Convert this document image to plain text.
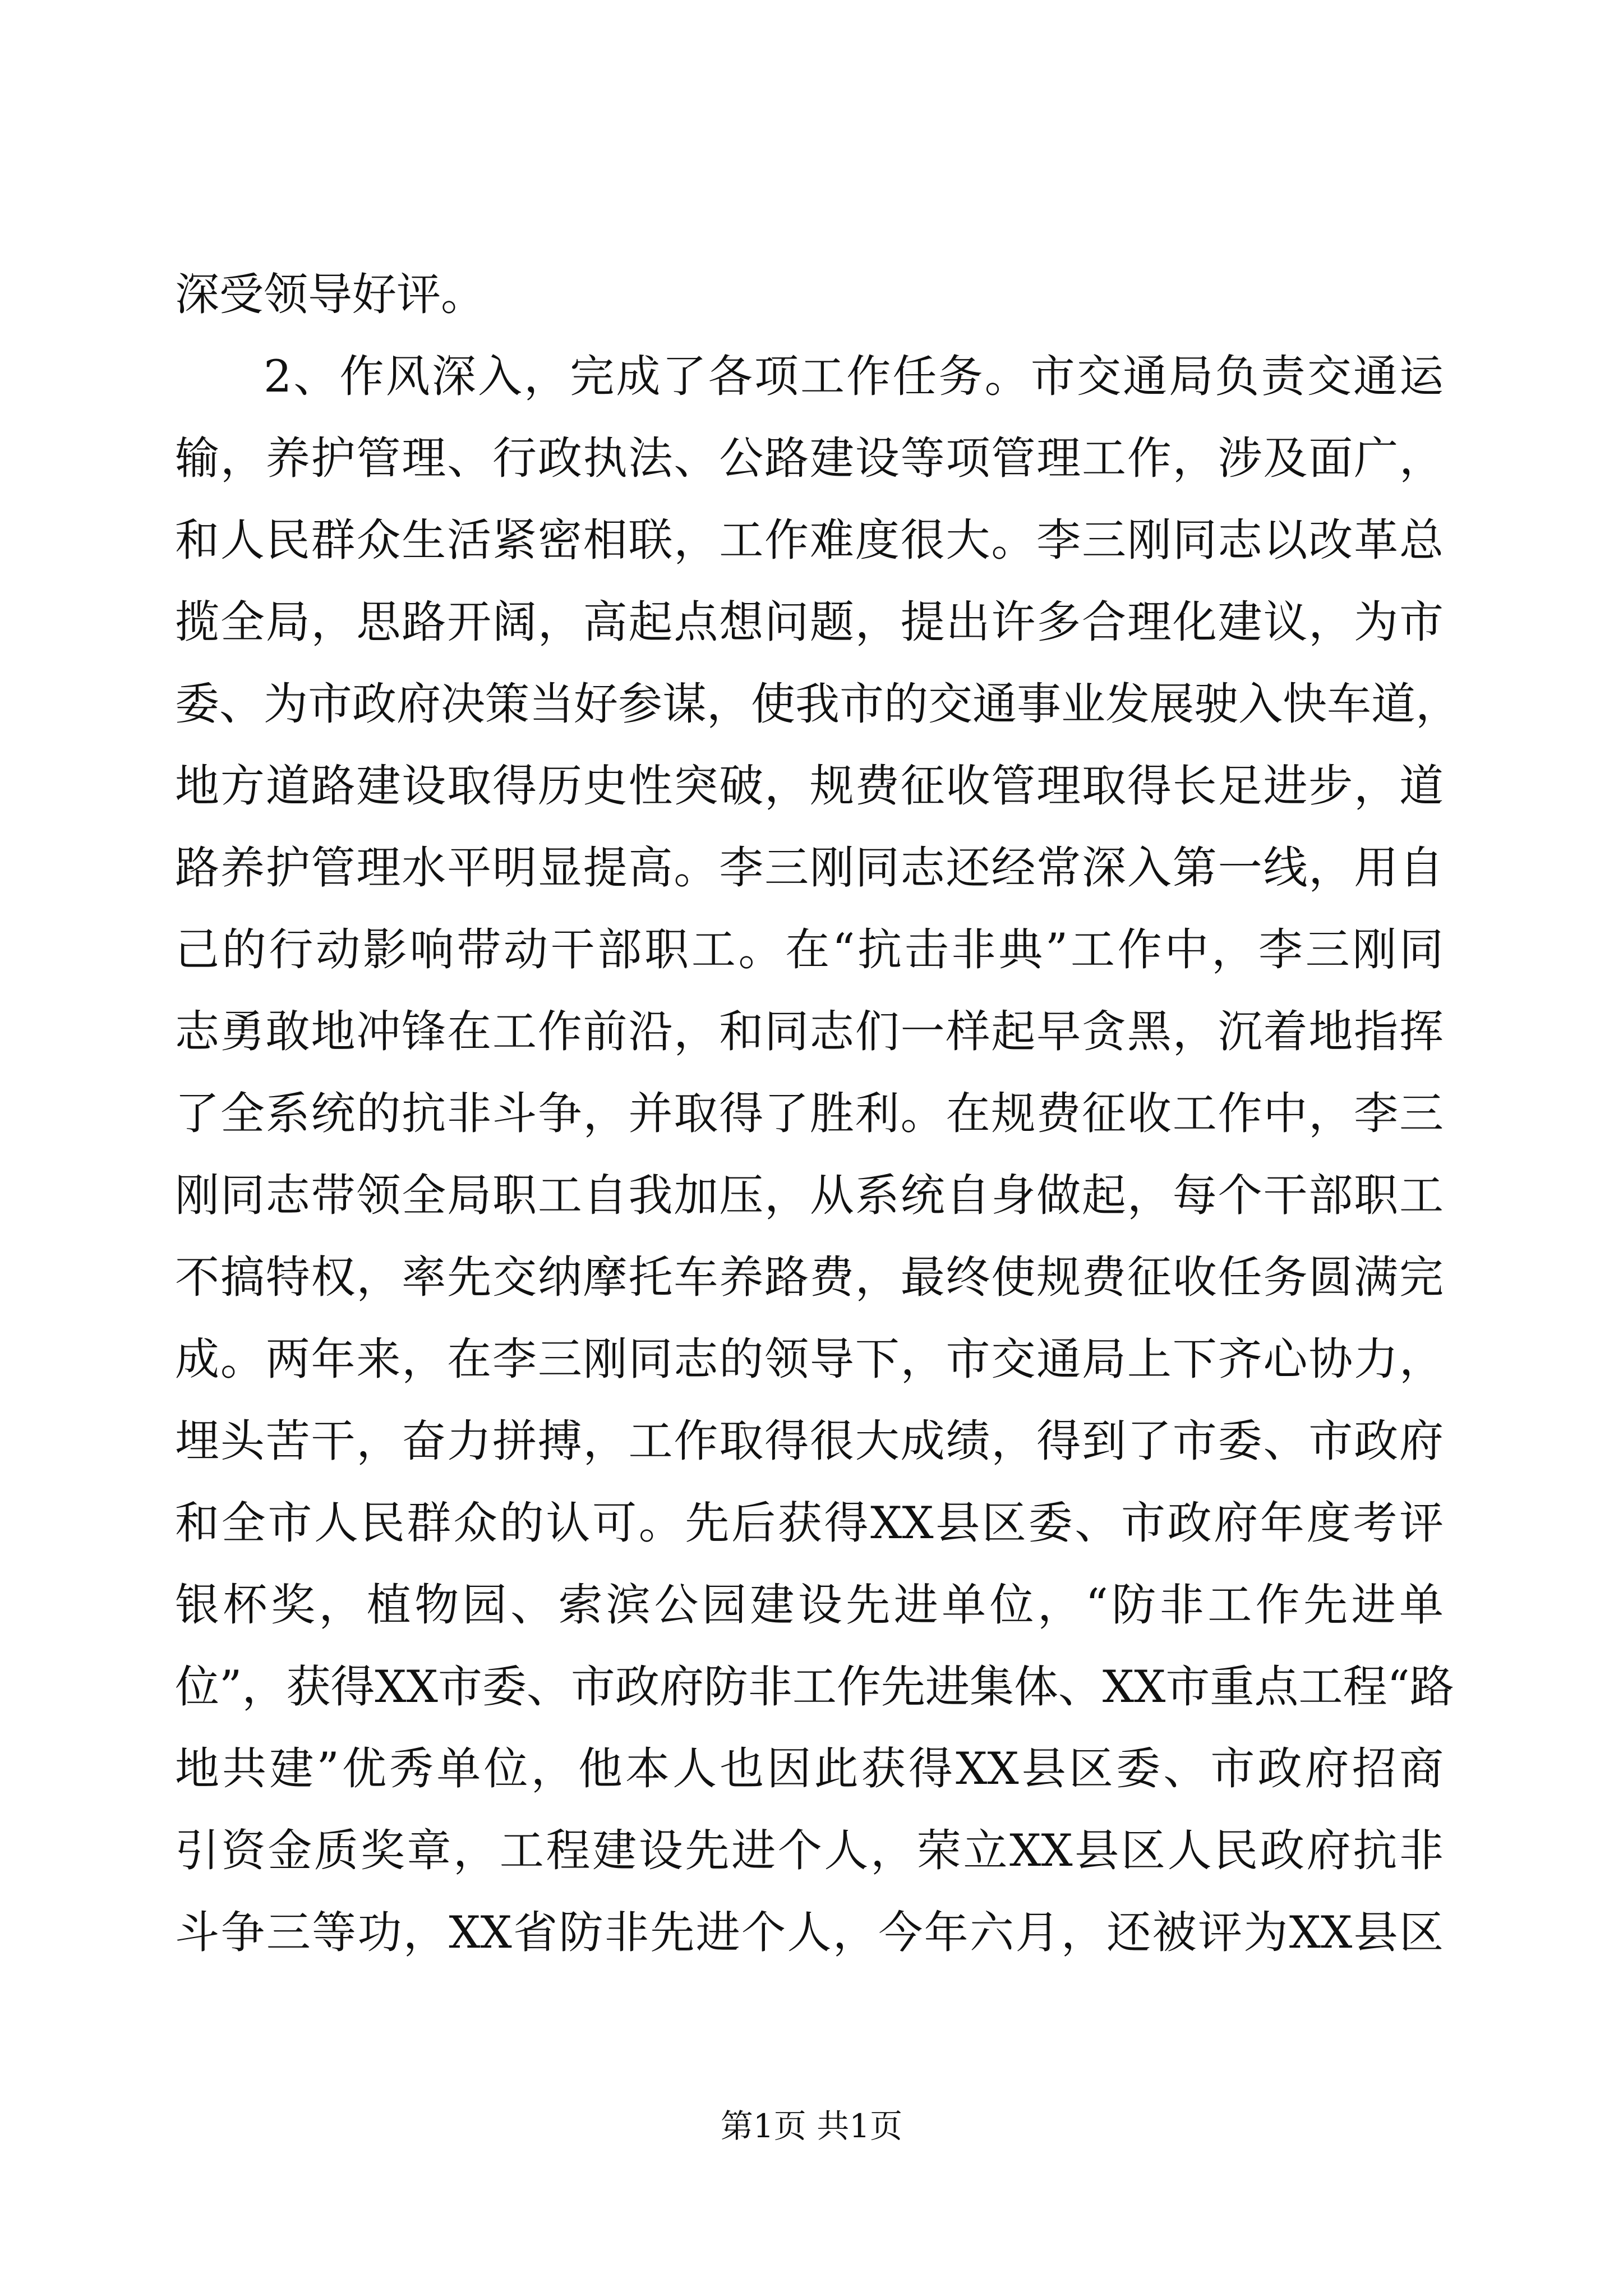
深受领导好评。
2、作风深入，完成了各项工作任务。市交通局负责交通运
输，养护管理、行政执法、公路建设等项管理工作，涉及面广，
和人民群众生活紧密相联，工作难度很大。李三刚同志以改革总
揽全局，思路开阔，高起点想问题，提出许多合理化建议，为市
委、为市政府决策当好参谋，使我市的交通事业发展驶入快车道，
地方道路建设取得历史性突破，规费征收管理取得长足进步，道
路养护管理水平明显提高。李三刚同志还经常深入第一线，用自
己的行动影响带动干部职工。在“抗击非典”工作中，李三刚同
志勇敢地冲锋在工作前沿，和同志们一样起早贪黑，沉着地指挥
了全系统的抗非斗争，并取得了胜利。在规费征收工作中，李三
刚同志带领全局职工自我加压，从系统自身做起，每个干部职工
不搞特权，率先交纳摩托车养路费，最终使规费征收任务圆满完
成。两年来，在李三刚同志的领导下，市交通局上下齐心协力，
埋头苦干，奋力拼搏，工作取得很大成绩，得到了市委、市政府
和全市人民群众的认可。先后获得XX县区委、市政府年度考评
银杯奖，植物园、索滨公园建设先进单位，“防非工作先进单
位”，获得XX市委、市政府防非工作先进集体、XX市重点工程“路
地共建”优秀单位，他本人也因此获得XX县区委、市政府招商
引资金质奖章，工程建设先进个人，荣立XX县区人民政府抗非
斗争三等功，XX省防非先进个人，今年六月，还被评为XX县区
第1页 共1页
